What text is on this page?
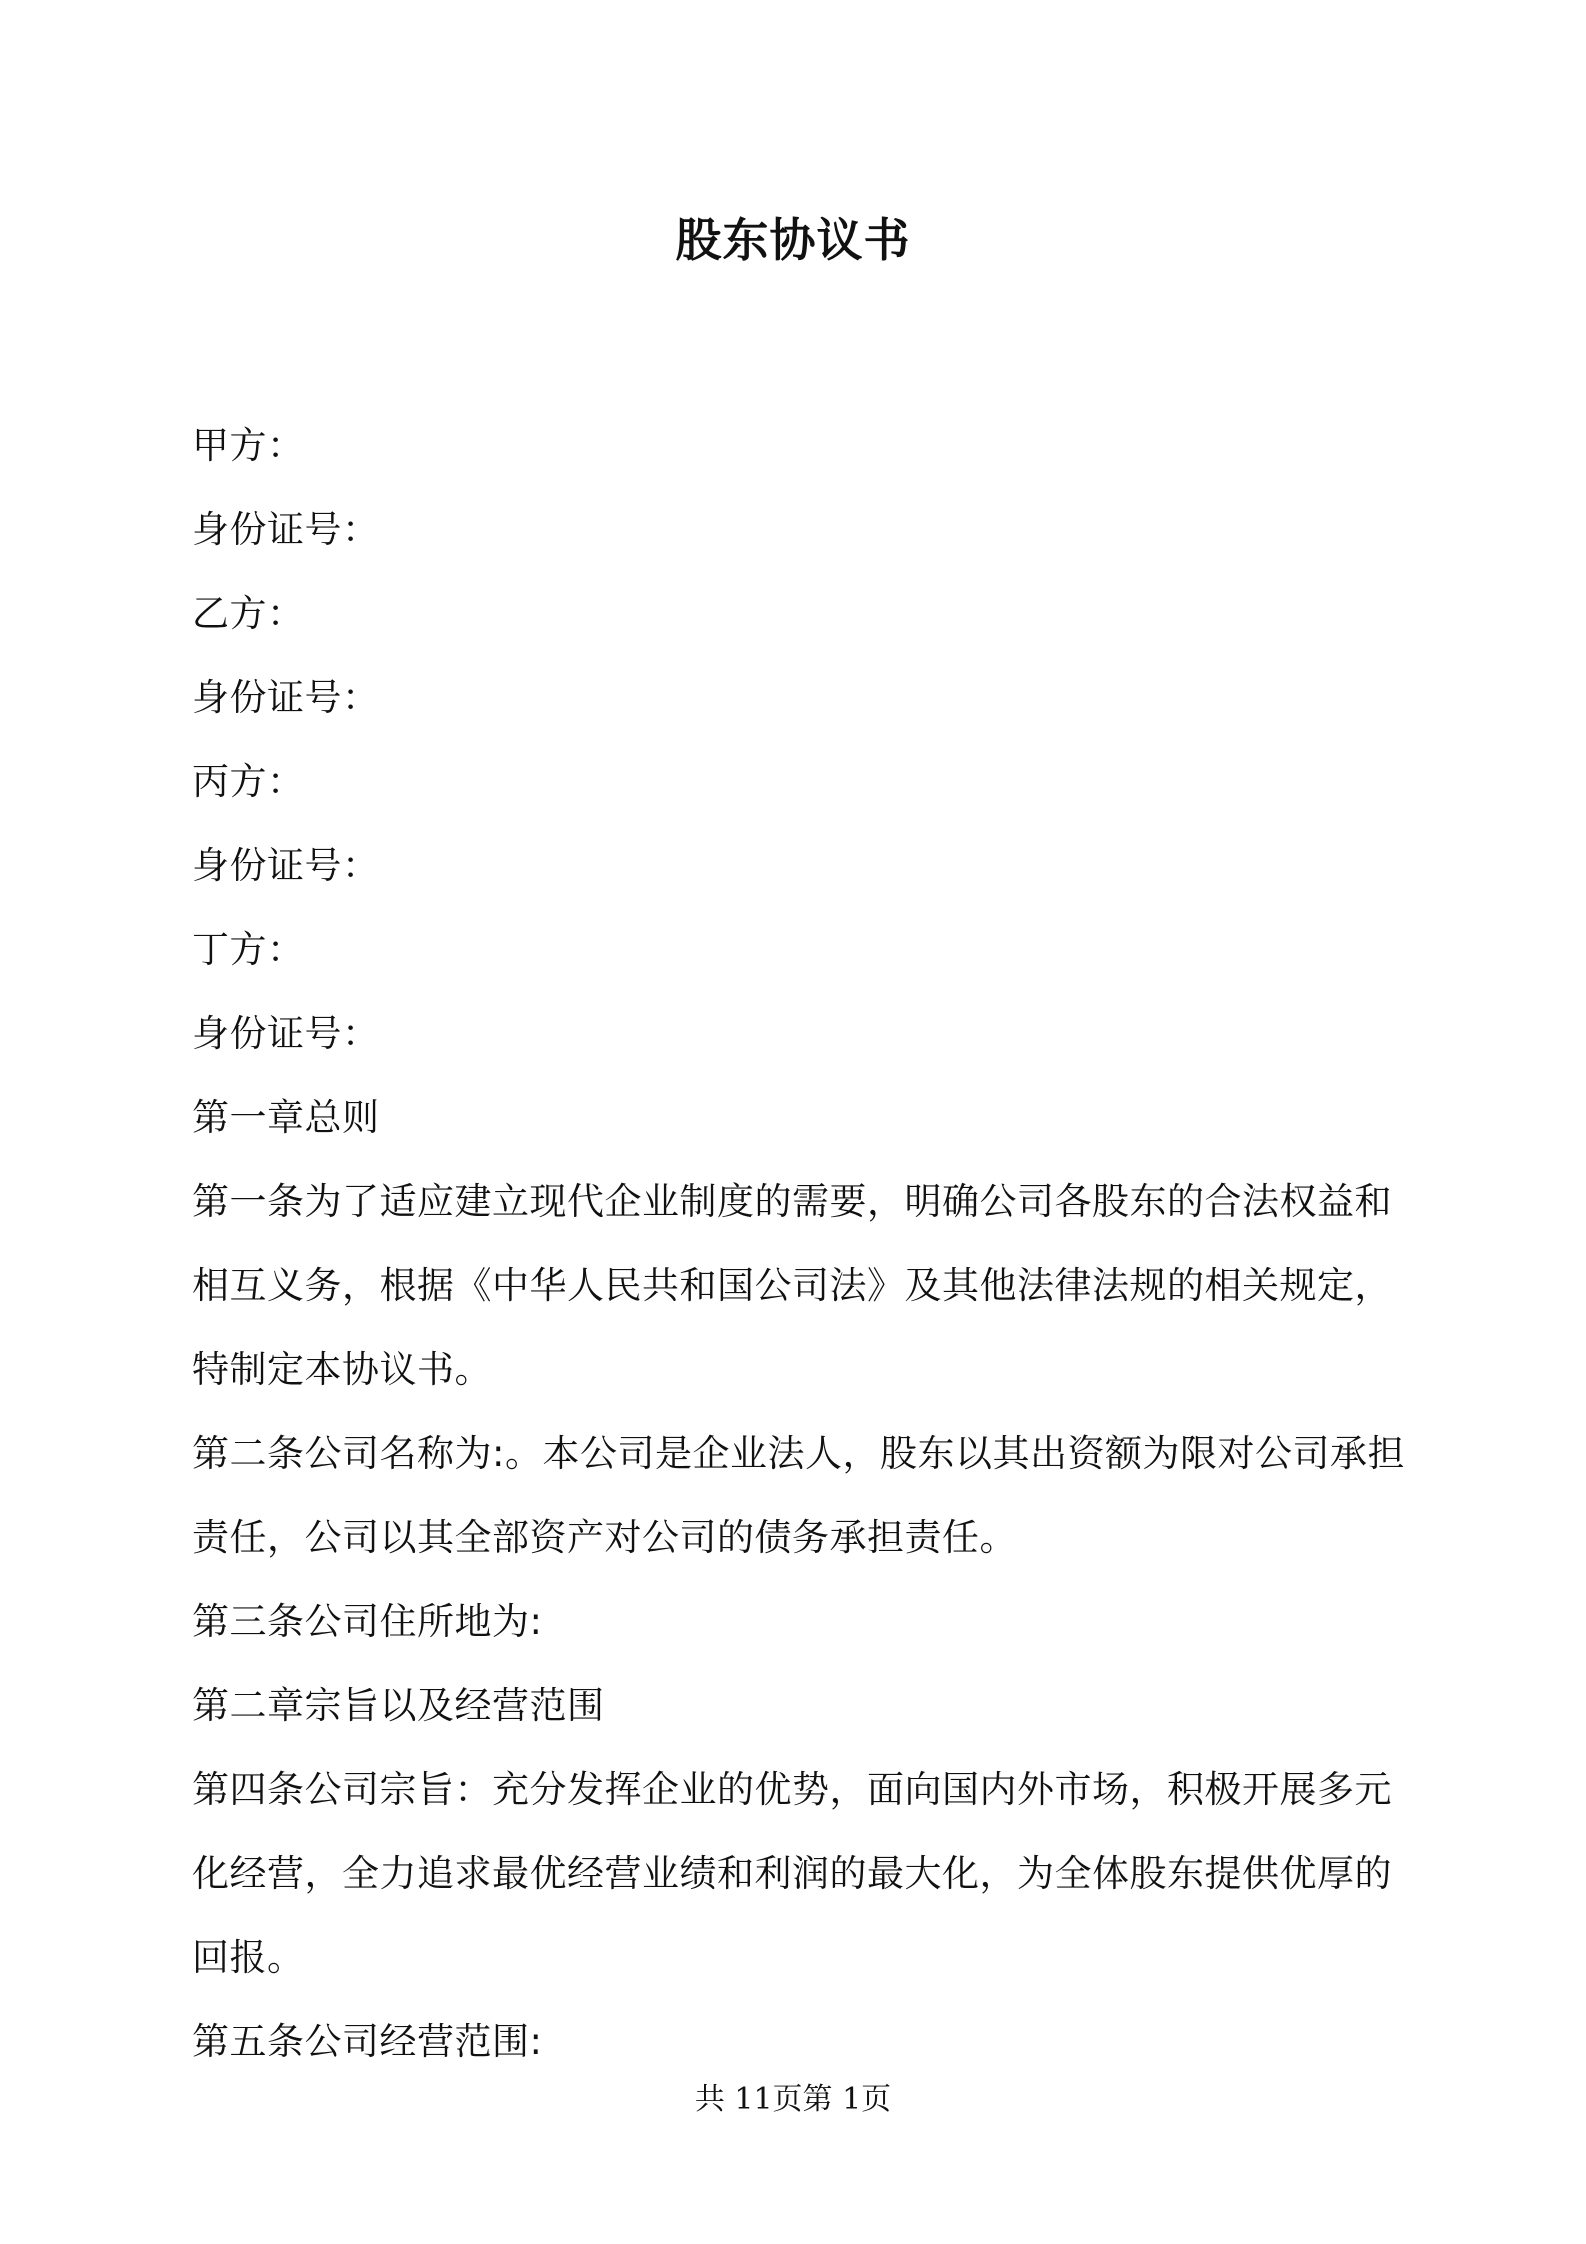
股东协议书
甲方：
身份证号：
乙方：
身份证号：
丙方：
身份证号：
丁方：
身份证号：
第一章总则
第一条为了适应建立现代企业制度的需要，明确公司各股东的合法权益和
相互义务，根据《中华人民共和国公司法》及其他法律法规的相关规定，
特制定本协议书。
第二条公司名称为:。本公司是企业法人，股东以其出资额为限对公司承担
责任，公司以其全部资产对公司的债务承担责任。
第三条公司住所地为:
第二章宗旨以及经营范围
第四条公司宗旨：充分发挥企业的优势，面向国内外市场，积极开展多元
化经营，全力追求最优经营业绩和利润的最大化，为全体股东提供优厚的
回报。
第五条公司经营范围:
共 11页第 1页
